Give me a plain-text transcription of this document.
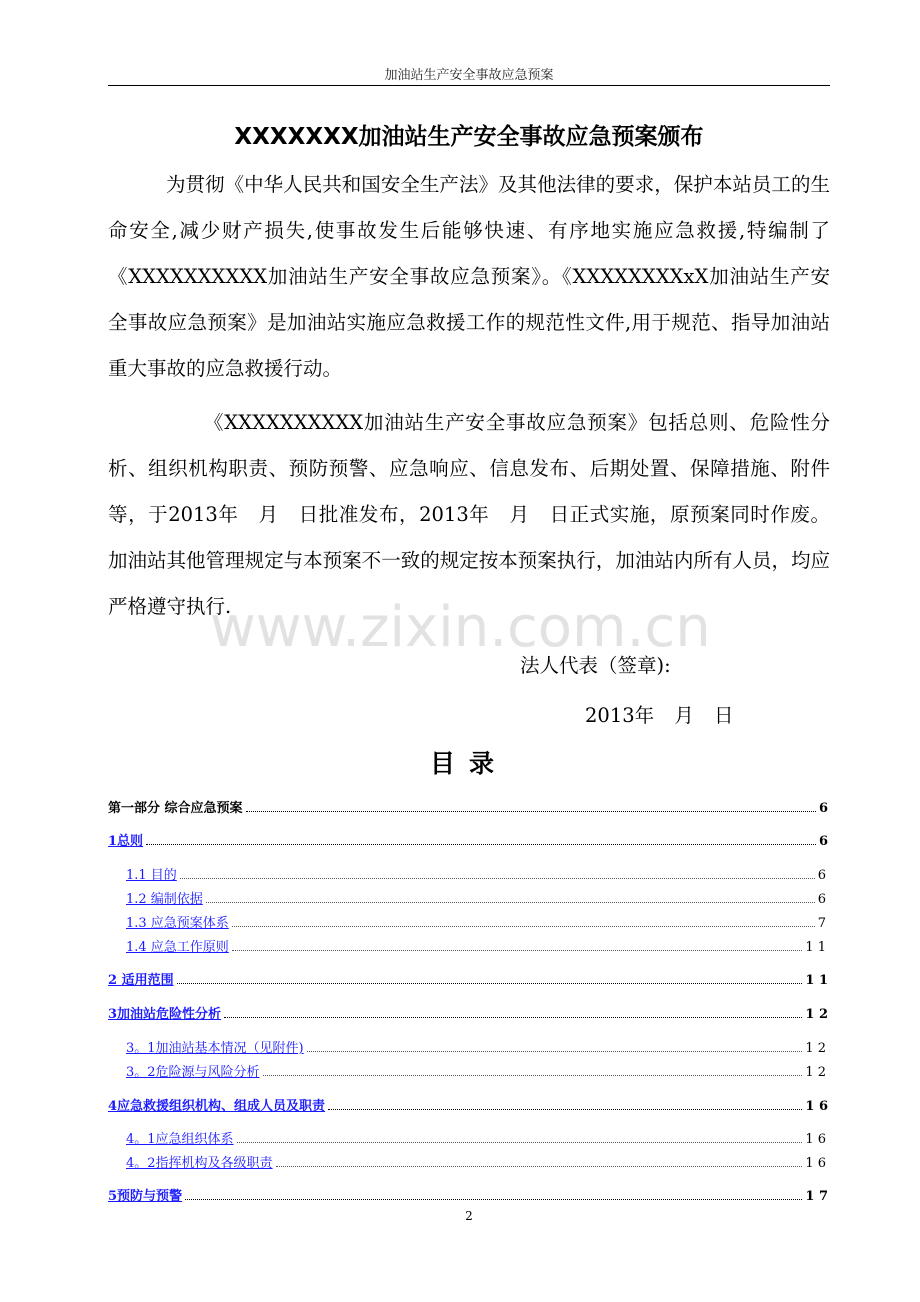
加油站生产安全事故应急预案
XXXXXXX加油站生产安全事故应急预案颁布
为贯彻《中华人民共和国安全生产法》及其他法律的要求，保护本站员工的生命安全,减少财产损失,使事故发生后能够快速、有序地实施应急救援,特编制了《XXXXXXXXXX加油站生产安全事故应急预案》。《XXXXXXXXxX加油站生产安全事故应急预案》是加油站实施应急救援工作的规范性文件,用于规范、指导加油站重大事故的应急救援行动。
《XXXXXXXXXX加油站生产安全事故应急预案》包括总则、危险性分析、组织机构职责、预防预警、应急响应、信息发布、后期处置、保障措施、附件等，于2013年　月　日批准发布，2013年　月　日正式实施，原预案同时作废。加油站其他管理规定与本预案不一致的规定按本预案执行，加油站内所有人员，均应严格遵守执行.
www.zixin.com.cn
法人代表（签章):
2013年 月 日
目录
第一部分 综合应急预案	6
1总则	6
1.1 目的	6
1.2 编制依据	6
1.3 应急预案体系	7
1.4 应急工作原则	1 1
2 适用范围	1 1
3加油站危险性分析	1 2
3。1加油站基本情况（见附件)	1 2
3。2危险源与风险分析	1 2
4应急救援组织机构、组成人员及职责	1 6
4。1应急组织体系	1 6
4。2指挥机构及各级职责	1 6
5预防与预警	1 7
2
